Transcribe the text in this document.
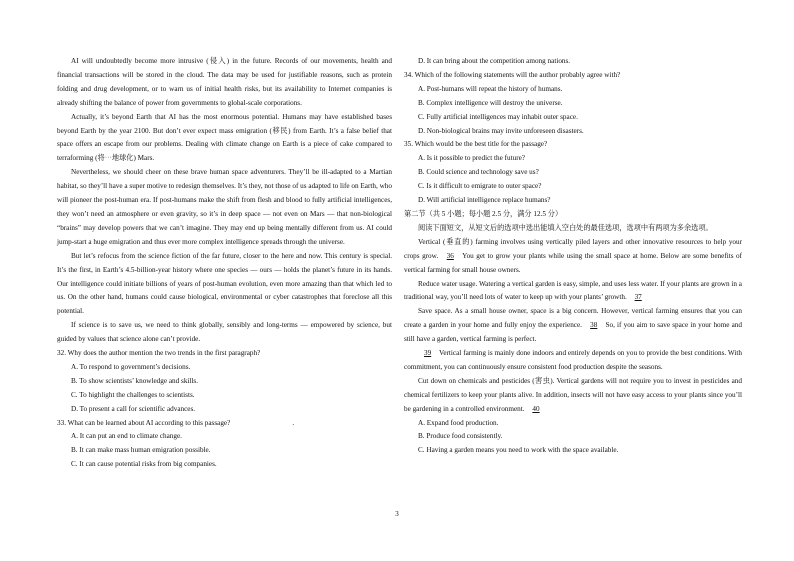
AI will undoubtedly become more intrusive (侵入) in the future. Records of our movements, health and financial transactions will be stored in the cloud. The data may be used for justifiable reasons, such as protein folding and drug development, or to warn us of initial health risks, but its availability to Internet companies is already shifting the balance of power from governments to global-scale corporations.

Actually, it’s beyond Earth that AI has the most enormous potential. Humans may have established bases beyond Earth by the year 2100. But don’t ever expect mass emigration (移民) from Earth. It’s a false belief that space offers an escape from our problems. Dealing with climate change on Earth is a piece of cake compared to terraforming (将⋯地球化) Mars.

Nevertheless, we should cheer on these brave human space adventurers. They’ll be ill-adapted to a Martian habitat, so they’ll have a super motive to redesign themselves. It’s they, not those of us adapted to life on Earth, who will pioneer the post-human era. If post-humans make the shift from flesh and blood to fully artificial intelligences, they won’t need an atmosphere or even gravity, so it’s in deep space — not even on Mars — that non-biological “brains” may develop powers that we can’t imagine. They may end up being mentally different from us. AI could jump-start a huge emigration and thus ever more complex intelligence spreads through the universe.

But let’s refocus from the science fiction of the far future, closer to the here and now. This century is special. It’s the first, in Earth’s 4.5-billion-year history where one species — ours — holds the planet’s future in its hands. Our intelligence could initiate billions of years of post-human evolution, even more amazing than that which led to us. On the other hand, humans could cause biological, environmental or cyber catastrophes that foreclose all this potential.

If science is to save us, we need to think globally, sensibly and long-terms — empowered by science, but guided by values that science alone can’t provide.

32. Why does the author mention the two trends in the first paragraph?

A. To respond to government’s decisions.

B. To show scientists’ knowledge and skills.

C. To highlight the challenges to scientists.

D. To present a call for scientific advances.

33. What can be learned about AI according to this passage?	.

A. It can put an end to climate change.

B. It can make mass human emigration possible.

C. It can cause potential risks from big companies.

D. It can bring about the competition among nations.

34. Which of the following statements will the author probably agree with?

A. Post-humans will repeat the history of humans.

B. Complex intelligence will destroy the universe.

C. Fully artificial intelligences may inhabit outer space.

D. Non-biological brains may invite unforeseen disasters.

35. Which would be the best title for the passage?

A. Is it possible to predict the future?

B. Could science and technology save us?

C. Is it difficult to emigrate to outer space?

D. Will artificial intelligence replace humans?

第二节（共 5 小题；每小题 2.5 分，满分 12.5 分）

阅读下面短文，从短文后的选项中选出能填入空白处的最佳选项，选项中有两项为多余选项。

Vertical (垂直的) farming involves using vertically piled layers and other innovative resources to help your crops grow. 36 You get to grow your plants while using the small space at home. Below are some benefits of vertical farming for small house owners.

Reduce water usage. Watering a vertical garden is easy, simple, and uses less water. If your plants are grown in a traditional way, you’ll need lots of water to keep up with your plants’ growth. 37

Save space. As a small house owner, space is a big concern. However, vertical farming ensures that you can create a garden in your home and fully enjoy the experience. 38 So, if you aim to save space in your home and still have a garden, vertical farming is perfect.

39 Vertical farming is mainly done indoors and entirely depends on you to provide the best conditions. With commitment, you can continuously ensure consistent food production despite the seasons.

Cut down on chemicals and pesticides (害虫). Vertical gardens will not require you to invest in pesticides and chemical fertilizers to keep your plants alive. In addition, insects will not have easy access to your plants since you’ll be gardening in a controlled environment. 40

A. Expand food production.

B. Produce food consistently.

C. Having a garden means you need to work with the space available.

3
